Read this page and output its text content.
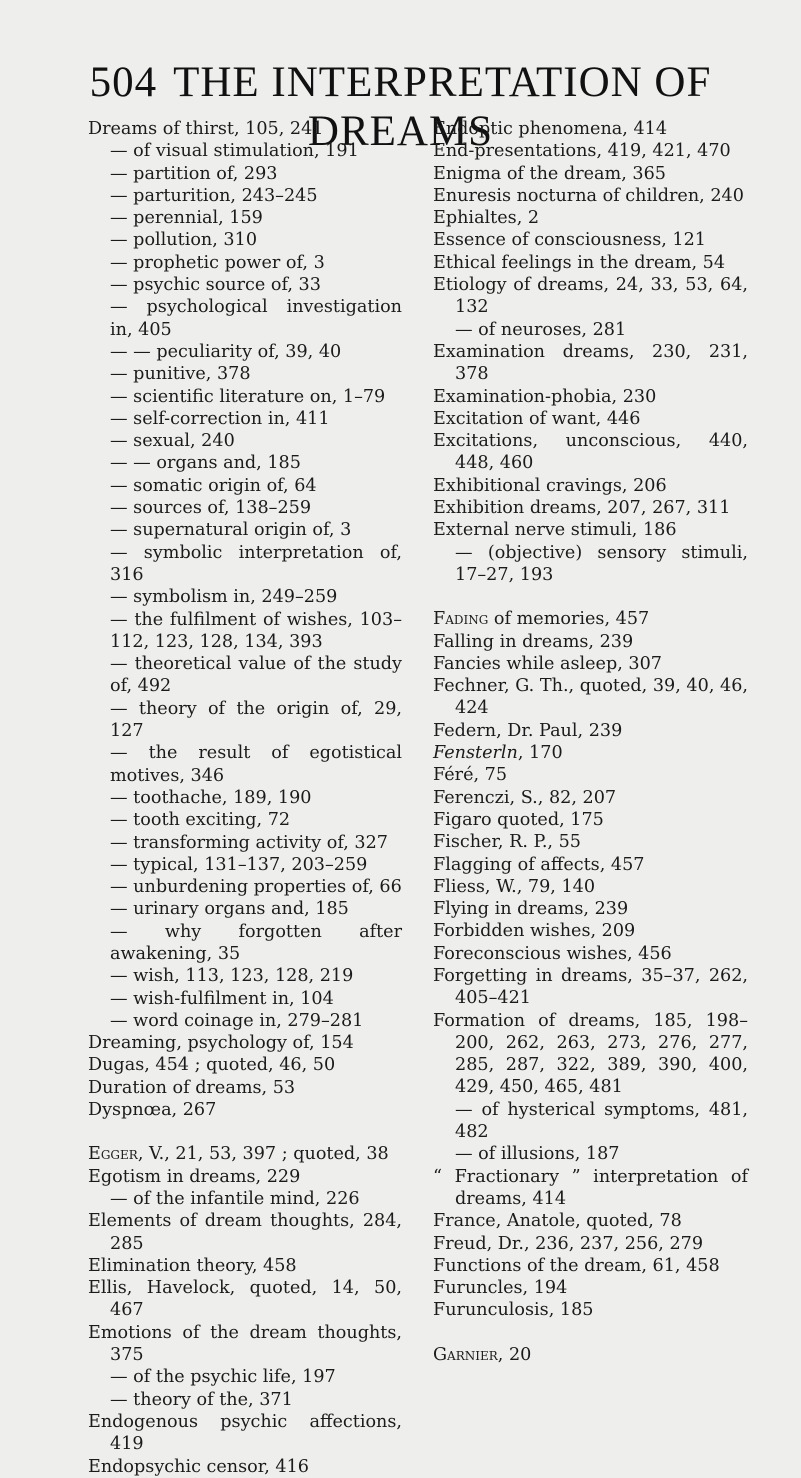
504 THE INTERPRETATION OF DREAMS
Dreams of thirst, 105, 241
— of visual stimulation, 191
— partition of, 293
— parturition, 243–245
— perennial, 159
— pollution, 310
— prophetic power of, 3
— psychic source of, 33
— psychological investigation in, 405
— — peculiarity of, 39, 40
— punitive, 378
— scientific literature on, 1–79
— self-correction in, 411
— sexual, 240
— — organs and, 185
— somatic origin of, 64
— sources of, 138–259
— supernatural origin of, 3
— symbolic interpretation of, 316
— symbolism in, 249–259
— the fulfilment of wishes, 103–112, 123, 128, 134, 393
— theoretical value of the study of, 492
— theory of the origin of, 29, 127
— the result of egotistical motives, 346
— toothache, 189, 190
— tooth exciting, 72
— transforming activity of, 327
— typical, 131–137, 203–259
— unburdening properties of, 66
— urinary organs and, 185
— why forgotten after awakening, 35
— wish, 113, 123, 128, 219
— wish-fulfilment in, 104
— word coinage in, 279–281
Dreaming, psychology of, 154
Dugas, 454 ; quoted, 46, 50
Duration of dreams, 53
Dyspnœa, 267
Egger, V., 21, 53, 397 ; quoted, 38
Egotism in dreams, 229
— of the infantile mind, 226
Elements of dream thoughts, 284, 285
Elimination theory, 458
Ellis, Havelock, quoted, 14, 50, 467
Emotions of the dream thoughts, 375
— of the psychic life, 197
— theory of the, 371
Endogenous psychic affections, 419
Endopsychic censor, 416
Endoptic phenomena, 414
End-presentations, 419, 421, 470
Enigma of the dream, 365
Enuresis nocturna of children, 240
Ephialtes, 2
Essence of consciousness, 121
Ethical feelings in the dream, 54
Etiology of dreams, 24, 33, 53, 64, 132
— of neuroses, 281
Examination dreams, 230, 231, 378
Examination-phobia, 230
Excitation of want, 446
Excitations, unconscious, 440, 448, 460
Exhibitional cravings, 206
Exhibition dreams, 207, 267, 311
External nerve stimuli, 186
— (objective) sensory stimuli, 17–27, 193
Fading of memories, 457
Falling in dreams, 239
Fancies while asleep, 307
Fechner, G. Th., quoted, 39, 40, 46, 424
Federn, Dr. Paul, 239
Fensterln, 170
Féré, 75
Ferenczi, S., 82, 207
Figaro quoted, 175
Fischer, R. P., 55
Flagging of affects, 457
Fliess, W., 79, 140
Flying in dreams, 239
Forbidden wishes, 209
Foreconscious wishes, 456
Forgetting in dreams, 35–37, 262, 405–421
Formation of dreams, 185, 198–200, 262, 263, 273, 276, 277, 285, 287, 322, 389, 390, 400, 429, 450, 465, 481
— of hysterical symptoms, 481, 482
— of illusions, 187
“ Fractionary ” interpretation of dreams, 414
France, Anatole, quoted, 78
Freud, Dr., 236, 237, 256, 279
Functions of the dream, 61, 458
Furuncles, 194
Furunculosis, 185
Garnier, 20
